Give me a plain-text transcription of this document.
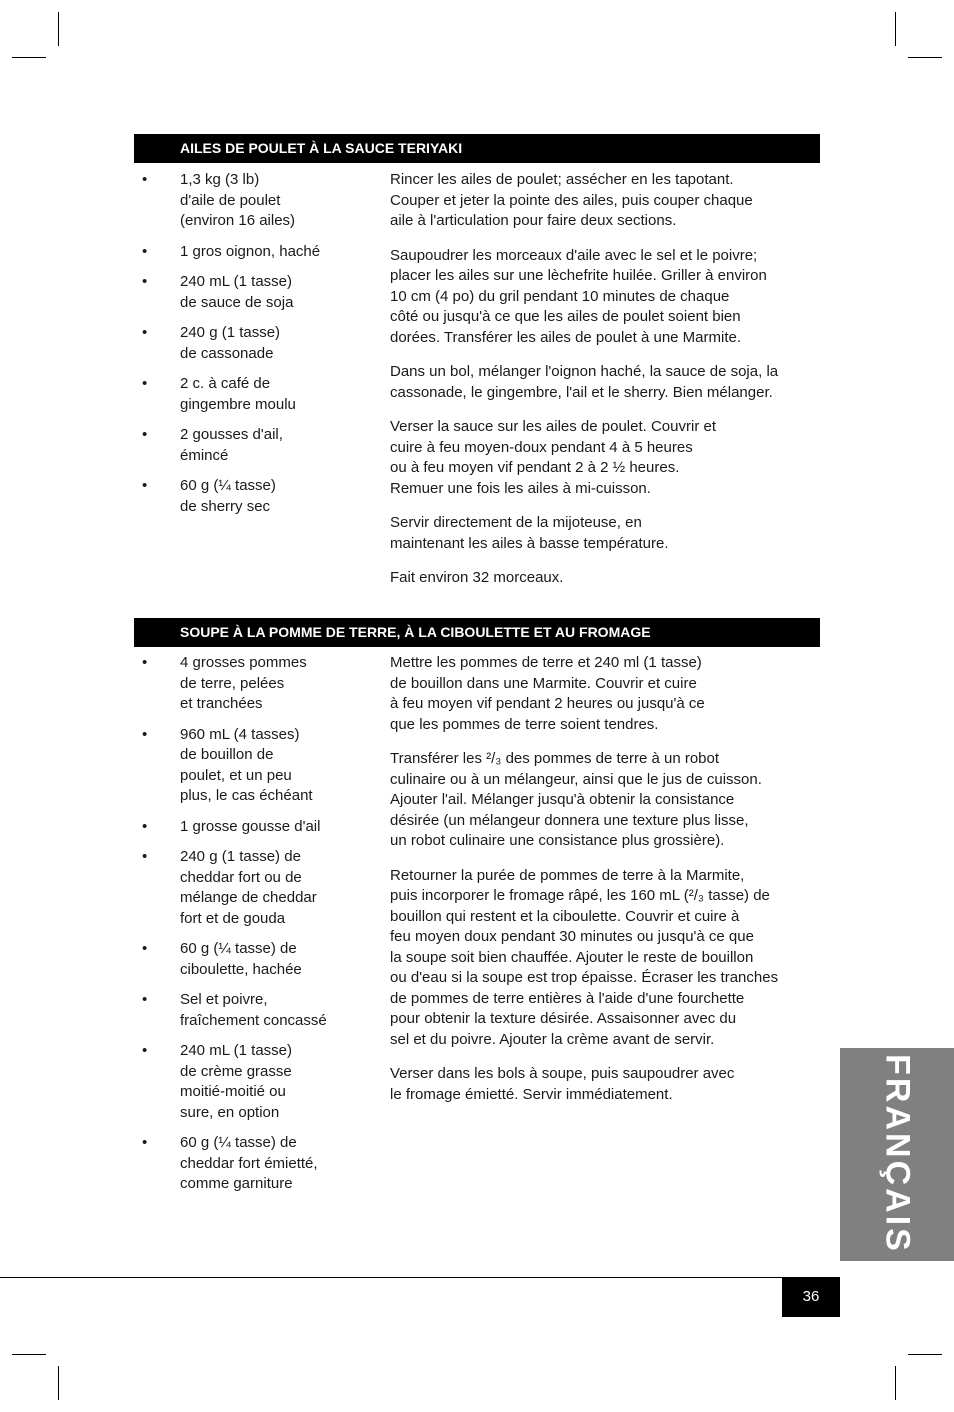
AILES DE POULET À LA SAUCE TERIYAKI
• 1,3 kg (3 lb)
d'aile de poulet
(environ 16 ailes)
• 1 gros oignon, haché
• 240 mL (1 tasse)
de sauce de soja
• 240 g (1 tasse)
de cassonade
• 2 c. à café de
gingembre moulu
• 2 gousses d'ail,
émincé
• 60 g (¼ tasse)
de sherry sec

Rincer les ailes de poulet; assécher en les tapotant.
Couper et jeter la pointe des ailes, puis couper chaque
aile à l'articulation pour faire deux sections.

Saupoudrer les morceaux d'aile avec le sel et le poivre;
placer les ailes sur une lèchefrite huilée. Griller à environ
10 cm (4 po) du gril pendant 10 minutes de chaque
côté ou jusqu'à ce que les ailes de poulet soient bien
dorées. Transférer les ailes de poulet à une Marmite.

Dans un bol, mélanger l'oignon haché, la sauce de soja, la
cassonade, le gingembre, l'ail et le sherry. Bien mélanger.

Verser la sauce sur les ailes de poulet. Couvrir et
cuire à feu moyen-doux pendant 4 à 5 heures
ou à feu moyen vif pendant 2 à 2 ½ heures.
Remuer une fois les ailes à mi-cuisson.

Servir directement de la mijoteuse, en
maintenant les ailes à basse température.

Fait environ 32 morceaux.

SOUPE À LA POMME DE TERRE, À LA CIBOULETTE ET AU FROMAGE
• 4 grosses pommes
de terre, pelées
et tranchées
• 960 mL (4 tasses)
de bouillon de
poulet, et un peu
plus, le cas échéant
• 1 grosse gousse d'ail
• 240 g (1 tasse) de
cheddar fort ou de
mélange de cheddar
fort et de gouda
• 60 g (¼ tasse) de
ciboulette, hachée
• Sel et poivre,
fraîchement concassé
• 240 mL (1 tasse)
de crème grasse
moitié-moitié ou
sure, en option
• 60 g (¼ tasse) de
cheddar fort émietté,
comme garniture

Mettre les pommes de terre et 240 ml (1 tasse)
de bouillon dans une Marmite. Couvrir et cuire
à feu moyen vif pendant 2 heures ou jusqu'à ce
que les pommes de terre soient tendres.

Transférer les ²/₃ des pommes de terre à un robot
culinaire ou à un mélangeur, ainsi que le jus de cuisson.
Ajouter l'ail. Mélanger jusqu'à obtenir la consistance
désirée (un mélangeur donnera une texture plus lisse,
un robot culinaire une consistance plus grossière).

Retourner la purée de pommes de terre à la Marmite,
puis incorporer le fromage râpé, les 160 mL (²/₃ tasse) de
bouillon qui restent et la ciboulette. Couvrir et cuire à
feu moyen doux pendant 30 minutes ou jusqu'à ce que
la soupe soit bien chauffée. Ajouter le reste de bouillon
ou d'eau si la soupe est trop épaisse. Écraser les tranches
de pommes de terre entières à l'aide d'une fourchette
pour obtenir la texture désirée. Assaisonner avec du
sel et du poivre. Ajouter la crème avant de servir.

Verser dans les bols à soupe, puis saupoudrer avec
le fromage émietté. Servir immédiatement.	FRANÇAIS
36
